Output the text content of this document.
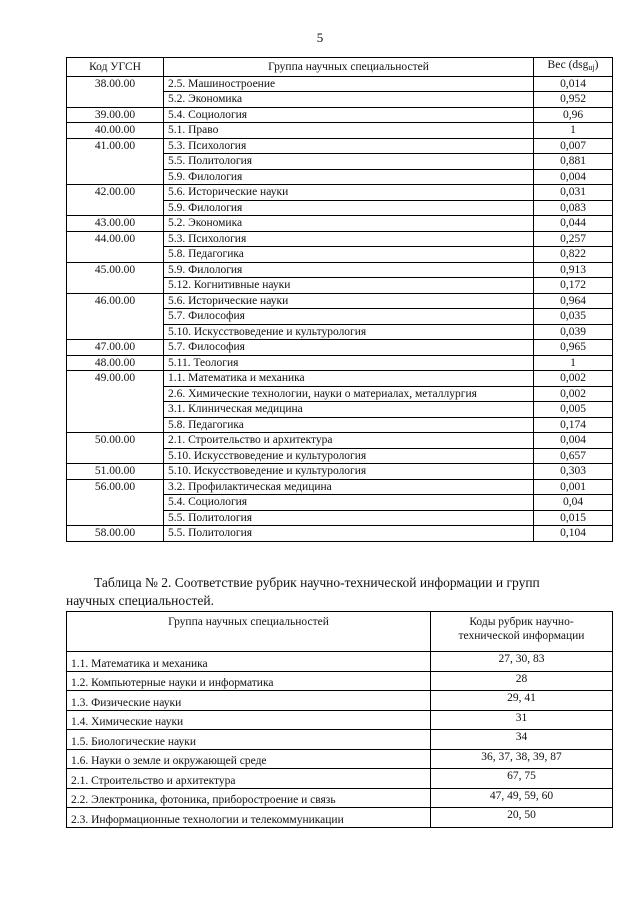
5
Код УГСН	Группа научных специальностей	Вес (dsg$_{uj}$)
38.00.00	2.5. Машиностроение	0,014
	5.2. Экономика	0,952
39.00.00	5.4. Социология	0,96
40.00.00	5.1. Право	1
41.00.00	5.3. Психология	0,007
	5.5. Политология	0,881
	5.9. Филология	0,004
42.00.00	5.6. Исторические науки	0,031
	5.9. Филология	0,083
43.00.00	5.2. Экономика	0,044
44.00.00	5.3. Психология	0,257
	5.8. Педагогика	0,822
45.00.00	5.9. Филология	0,913
	5.12. Когнитивные науки	0,172
46.00.00	5.6. Исторические науки	0,964
	5.7. Философия	0,035
	5.10. Искусствоведение и культурология	0,039
47.00.00	5.7. Философия	0,965
48.00.00	5.11. Теология	1
49.00.00	1.1. Математика и механика	0,002
	2.6. Химические технологии, науки о материалах, металлургия	0,002
	3.1. Клиническая медицина	0,005
	5.8. Педагогика	0,174
50.00.00	2.1. Строительство и архитектура	0,004
	5.10. Искусствоведение и культурология	0,657
51.00.00	5.10. Искусствоведение и культурология	0,303
56.00.00	3.2. Профилактическая медицина	0,001
	5.4. Социология	0,04
	5.5. Политология	0,015
58.00.00	5.5. Политология	0,104
Таблица № 2. Соответствие рубрик научно-технической информации и групп
научных специальностей.
Группа научных специальностей	Коды рубрик научно-
технической информации
1.1. Математика и механика	27, 30, 83
1.2. Компьютерные науки и информатика	28
1.3. Физические науки	29, 41
1.4. Химические науки	31
1.5. Биологические науки	34
1.6. Науки о земле и окружающей среде	36, 37, 38, 39, 87
2.1. Строительство и архитектура	67, 75
2.2. Электроника, фотоника, приборостроение и связь	47, 49, 59, 60
2.3. Информационные технологии и телекоммуникации	20, 50
